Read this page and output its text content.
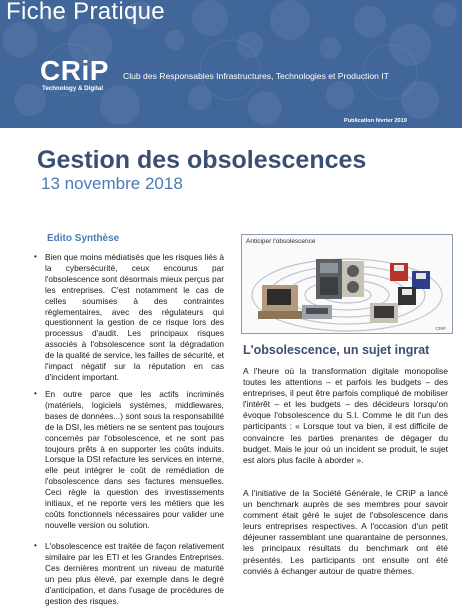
Fiche Pratique
CRiP
Technology & Digital
Club des Responsables Infrastructures, Technologies et Production IT
Publication février 2019
Gestion des obsolescences
13 novembre 2018
Edito Synthèse

• Bien que moins médiatisés que les risques liés à la cybersécurité, ceux encourus par l'obsolescence sont désormais mieux perçus par les entreprises. C'est notamment le cas de celles soumises à des contraintes règlementaires, avec des régulateurs qui questionnent la gestion de ce risque lors des processus d'audit. Les principaux risques associés à l'obsolescence sont la dégradation de la qualité de service, les failles de sécurité, et l'impact négatif sur la réputation en cas d'incident important.

• En outre parce que les actifs incriminés (matériels, logiciels systèmes, middlewares, bases de données...) sont sous la responsabilité de la DSI, les métiers ne se sentent pas toujours concernés par l'obsolescence, et ne sont pas toujours prêts à en supporter les coûts induits. Lorsque la DSI refacture les services en interne, elle peut intégrer le coût de remédiation de l'obsolescence dans ses factures mensuelles. Ceci règle la question des investissements initiaux, et ne reporte vers les métiers que les coûts fonctionnels nécessaires pour valider une nouvelle version ou solution.

• L'obsolescence est traitée de façon relativement similaire par les ETI et les Grandes Entreprises. Ces dernières montrent un niveau de maturité un peu plus élevé, par exemple dans le degré d'anticipation, et dans l'usage de procédures de gestion des risques.

Anticiper l'obsolescence
CRiP
L'obsolescence, un sujet ingrat

A l'heure où la transformation digitale monopolise toutes les attentions – et parfois les budgets – des entreprises, il peut être parfois compliqué de mobiliser l'intérêt – et les budgets – des décideurs lorsqu'on évoque l'obsolescence du S.I. Comme le dit l'un des participants : « Lorsque tout va bien, il est difficile de convaincre les parties prenantes de dégager du budget. Mais le jour où un incident se produit, le sujet est alors plus facile à aborder ».

A l'initiative de la Société Générale, le CRiP a lancé un benchmark auprès de ses membres pour savoir comment était géré le sujet de l'obsolescence dans leurs entreprises respectives. A l'occasion d'un petit déjeuner rassemblant une quarantaine de personnes, les principaux résultats du benchmark ont été présentés. Les participants ont ensuite ont été conviés à échanger autour de quatre thèmes.
